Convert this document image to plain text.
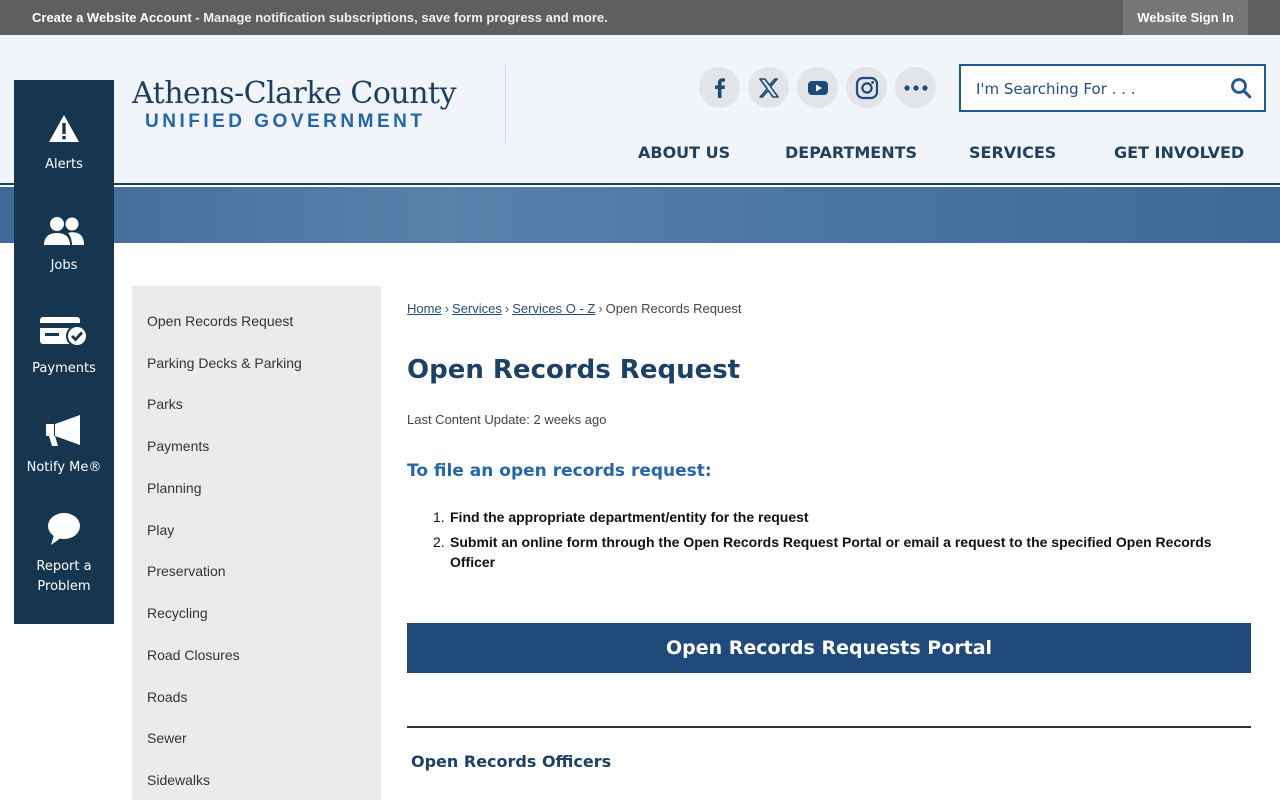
Create a Website Account - Manage notification subscriptions, save form progress and more.	Website Sign In
Athens-Clarke County
UNIFIED GOVERNMENT
I'm Searching For . . .
ABOUT US	DEPARTMENTS	SERVICES	GET INVOLVED
Alerts
Jobs
Payments
Notify Me®
Report a
Problem
Open Records Request
Parking Decks & Parking
Parks
Payments
Planning
Play
Preservation
Recycling
Road Closures
Roads
Sewer
Sidewalks
Home › Services › Services O - Z › Open Records Request
Open Records Request
Last Content Update: 2 weeks ago
To file an open records request:
1. Find the appropriate department/entity for the request
2. Submit an online form through the Open Records Request Portal or email a request to the specified Open Records Officer
Open Records Requests Portal
Open Records Officers
